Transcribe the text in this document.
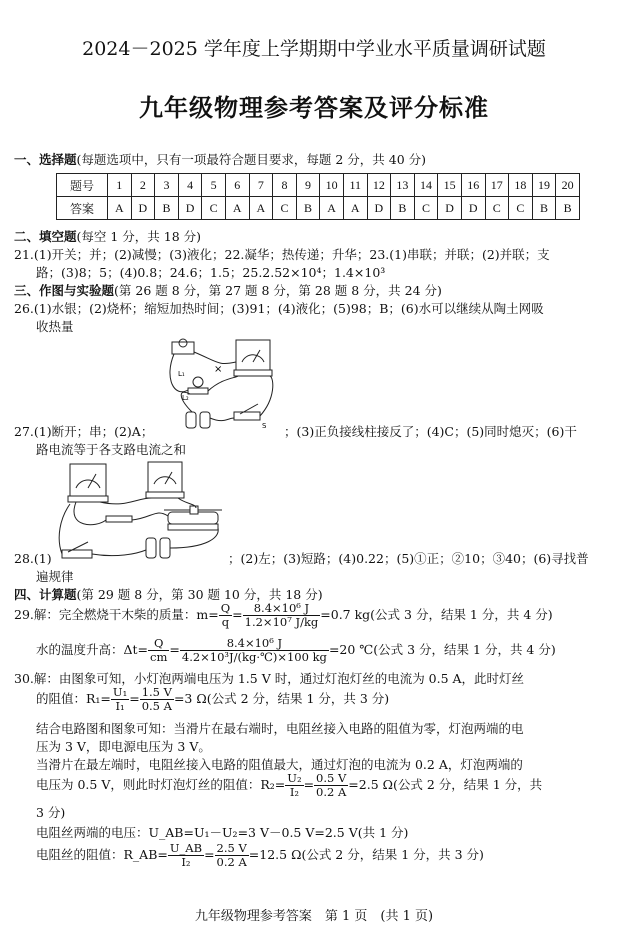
2024－2025 学年度上学期期中学业水平质量调研试题
九年级物理参考答案及评分标准
一、选择题(每题选项中，只有一项最符合题目要求，每题 2 分，共 40 分)
题号	1	2	3	4	5	6	7	8	9	10	11	12	13	14	15	16	17	18	19	20
答案	A	D	B	D	C	A	A	C	B	A	A	D	B	C	D	D	C	C	B	B
二、填空题(每空 1 分，共 18 分)
21.(1)开关；并；(2)减慢；(3)液化；22.凝华；热传递；升华；23.(1)串联；并联；(2)并联；支
路；(3)8；5；(4)0.8；24.6；1.5；25.2.52×10⁴；1.4×10³
三、作图与实验题(第 26 题 8 分，第 27 题 8 分，第 28 题 8 分，共 24 分)
26.(1)水银；(2)烧杯；缩短加热时间；(3)91；(4)液化；(5)98；B；(6)水可以继续从陶土网吸
收热量
×
L₁
L₂
S
27.(1)断开；串；(2)A；	；(3)正负接线柱接反了；(4)C；(5)同时熄灭；(6)干
路电流等于各支路电流之和
28.(1)	；(2)左；(3)短路；(4)0.22；(5)①正；②10；③40；(6)寻找普
遍规律
四、计算题(第 29 题 8 分，第 30 题 10 分，共 18 分)
29.解：完全燃烧干木柴的质量：$m= \frac{Q}{q} = \frac{\text{8.4×10⁶ J}}{\text{1.2×10⁷ J/kg}} =0.7$ kg(公式 3 分，结果 1 分，共 4 分)
水的温度升高：$\Delta t= \frac{Q}{cm} = \frac{\text{8.4×10⁶ J}}{\text{4.2×10³J/(kg·℃)×100 kg}} =20$ ℃(公式 3 分，结果 1 分，共 4 分)
30.解：由图象可知，小灯泡两端电压为 1.5 V 时，通过灯泡灯丝的电流为 0.5 A，此时灯丝
的阻值：$R_1= \frac{\text{U₁}}{\text{I₁}} = \frac{1.5 V}{0.5 A} =3$ Ω(公式 2 分，结果 1 分，共 3 分)
结合电路图和图象可知：当滑片在最右端时，电阻丝接入电路的阻值为零，灯泡两端的电
压为 3 V，即电源电压为 3 V。
当滑片在最左端时，电阻丝接入电路的阻值最大，通过灯泡的电流为 0.2 A，灯泡两端的
电压为 0.5 V，则此时灯泡灯丝的阻值：$R_2= \frac{\text{U₂}}{\text{I₂}} = \frac{0.5 V}{0.2 A} =2.5$ Ω(公式 2 分，结果 1 分，共
3 分)
电阻丝两端的电压：U_AB=U₁－U₂=3 V－0.5 V=2.5 V(共 1 分)
电阻丝的阻值：R_AB= $\frac{U\_AB}{\text{I₂}} = \frac{2.5 V}{0.2 A} =12.5$ Ω(公式 2 分，结果 1 分，共 3 分)
九年级物理参考答案　第 1 页　(共 1 页)
